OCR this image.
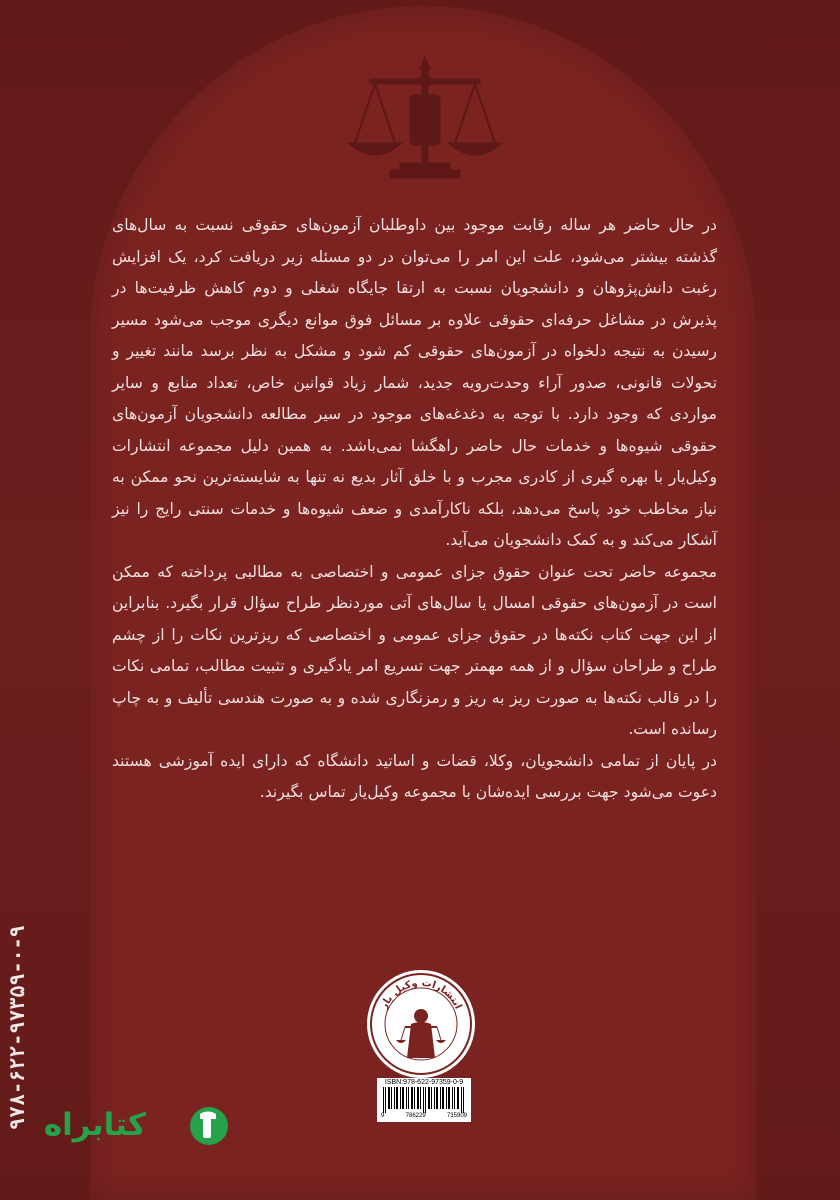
در حال حاضر هر ساله رقابت موجود بین داوطلبان آزمون‌های حقوقی نسبت به سال‌های گذشته بیشتر می‌شود، علت این امر را می‌توان در دو مسئله زیر دریافت کرد، یک افزایش رغبت دانش‌پژوهان و دانشجویان نسبت به ارتقا جایگاه شغلی و دوم کاهش ظرفیت‌ها در پذیرش در مشاغل حرفه‌ای حقوقی علاوه بر مسائل فوق موانع دیگری موجب می‌شود مسیر رسیدن به نتیجه دلخواه در آزمون‌های حقوقی کم شود و مشکل به نظر برسد مانند تغییر و تحولات قانونی، صدور آراء وحدت‌رویه جدید، شمار زیاد قوانین خاص، تعداد منابع و سایر مواردی که وجود دارد. با توجه به دغدغه‌های موجود در سیر مطالعه دانشجویان آزمون‌های حقوقی شیوه‌ها و خدمات حال حاضر راهگشا نمی‌باشد. به همین دلیل مجموعه انتشارات وکیل‌یار با بهره گیری از کادری مجرب و با خلق آثار بدیع نه تنها به شایسته‌ترین نحو ممکن به نیاز مخاطب خود پاسخ می‌دهد، بلکه ناکارآمدی و ضعف شیوه‌ها و خدمات سنتی رایج را نیز آشکار می‌کند و به کمک دانشجویان می‌آید.

مجموعه حاضر تحت عنوان حقوق جزای عمومی و اختصاصی به مطالبی پرداخته که ممکن است در آزمون‌های حقوقی امسال یا سال‌های آتی موردنظر طراح سؤال قرار بگیرد. بنابراین از این جهت کتاب نکته‌ها در حقوق جزای عمومی و اختصاصی که ریزترین نکات را از چشم طراح و طراحان سؤال و از همه مهمتر جهت تسریع امر یادگیری و تثبیت مطالب، تمامی نکات را در قالب نکته‌ها به صورت ریز به ریز و رمزنگاری شده و به صورت هندسی تألیف و به چاپ رسانده است.

در پایان از تمامی دانشجویان، وکلا، قضات و اساتید دانشگاه که دارای ایده آموزشی هستند دعوت می‌شود جهت بررسی ایده‌شان با مجموعه وکیل‌یار تماس بگیرند.

۹۷۸-۶۲۲-۹۷۳۵۹-۰-۹	انتشارات وکیل یار
ISBN:978-622-97359-0-9
9	786229	735909
کتابراه
